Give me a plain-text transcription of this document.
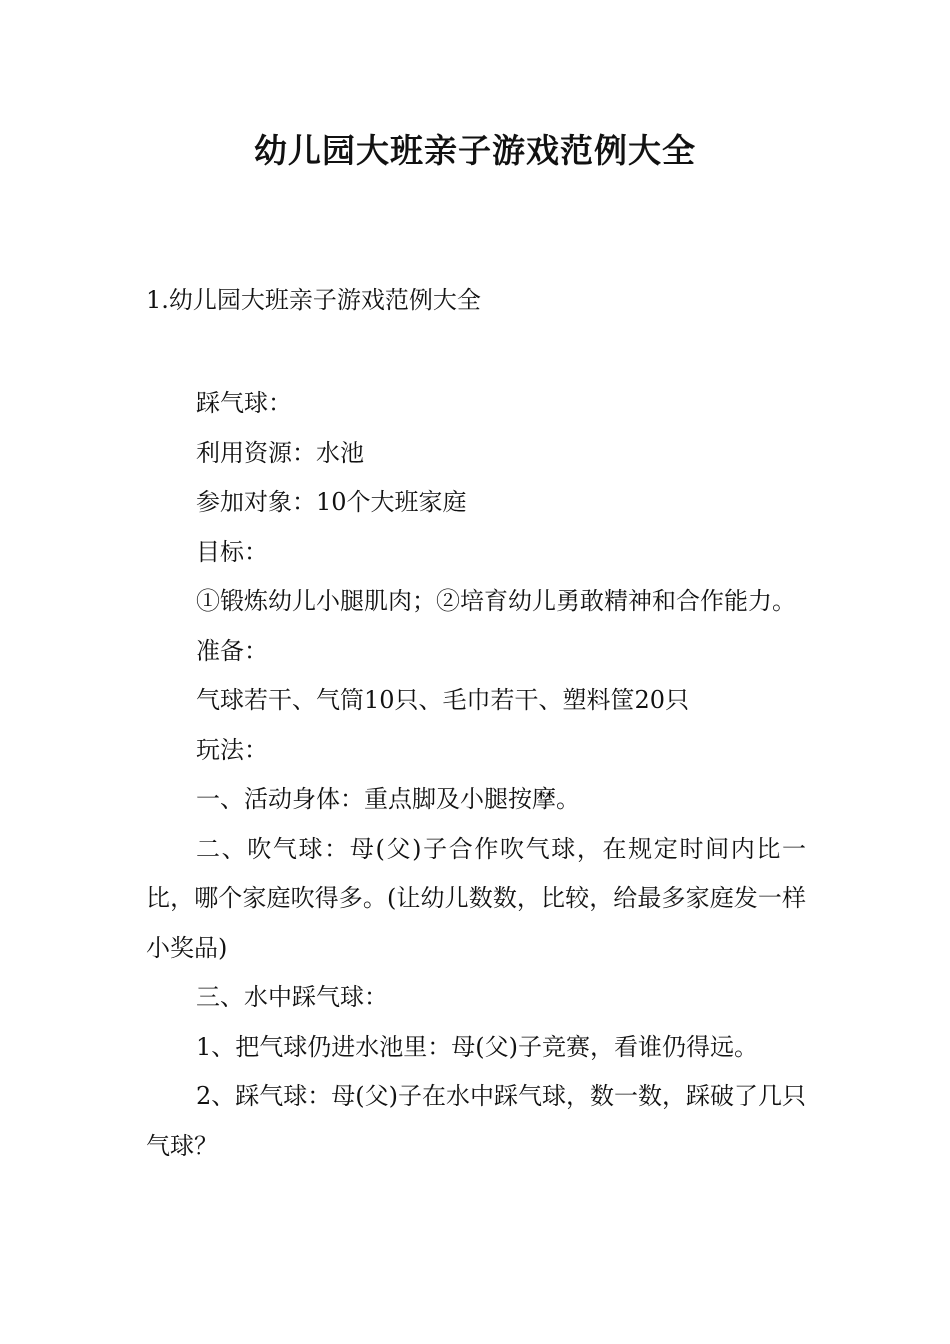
幼儿园大班亲子游戏范例大全
1.幼儿园大班亲子游戏范例大全

踩气球：

利用资源：水池

参加对象：10个大班家庭

目标：

①锻炼幼儿小腿肌肉；②培育幼儿勇敢精神和合作能力。

准备：

气球若干、气筒10只、毛巾若干、塑料筐20只

玩法：

一、活动身体：重点脚及小腿按摩。

二、吹气球：母(父)子合作吹气球，在规定时间内比一比，哪个家庭吹得多。(让幼儿数数，比较，给最多家庭发一样小奖品)

三、水中踩气球：

1、把气球仍进水池里：母(父)子竞赛，看谁仍得远。

2、踩气球：母(父)子在水中踩气球，数一数，踩破了几只气球？
